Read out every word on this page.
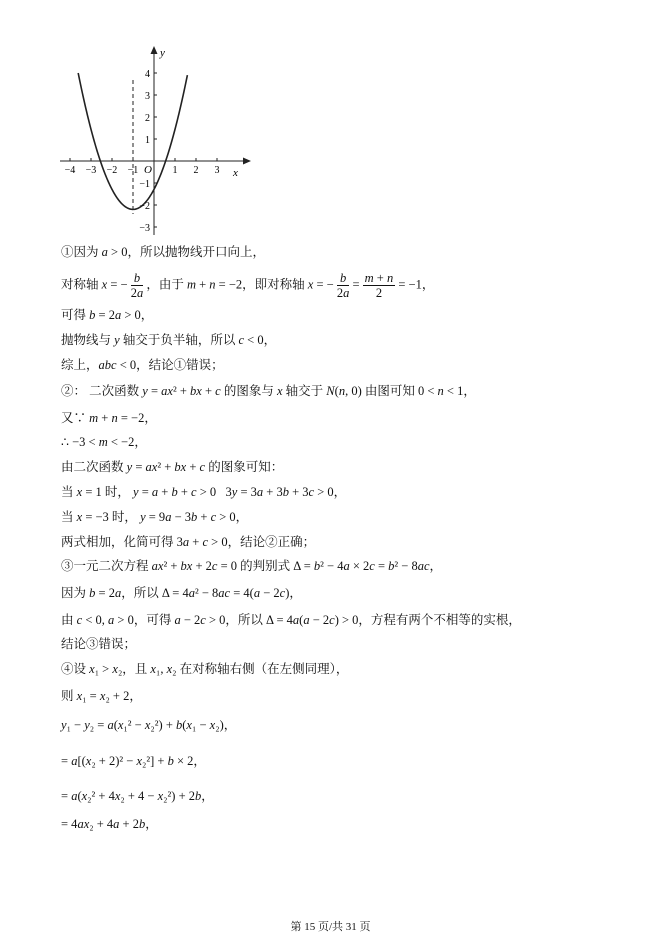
y
x
O
−4 −3 −2 −1	1 2 3
4
3
2
1
−1
−2
−3
①因为 a > 0，所以抛物线开口向上，
对称轴 x = − $\frac{b}{2a}$ ，由于 m + n = −2，即对称轴 x = − $\frac{b}{2a} = \frac{m + n}{2} = -1$，
可得 b = 2a > 0，
抛物线与 y 轴交于负半轴，所以 c < 0，
综上，abc < 0，结论①错误；
②： 二次函数 y = ax² + bx + c 的图象与 x 轴交于 N(n, 0) 由图可知 0 < n < 1，
又∵ m + n = −2，
∴ −3 < m < −2，
由二次函数 y = ax² + bx + c 的图象可知：
当 x = 1 时， y = a + b + c > 0   3y = 3a + 3b + 3c > 0，
当 x = −3 时， y = 9a − 3b + c > 0，
两式相加，化简可得 3a + c > 0，结论②正确；
③一元二次方程 ax² + bx + 2c = 0 的判别式 Δ = b² − 4a × 2c = b² − 8ac，
因为 b = 2a，所以 Δ = 4a² − 8ac = 4(a − 2c)，
由 c < 0, a > 0，可得 a − 2c > 0，所以 Δ = 4a(a − 2c) > 0，方程有两个不相等的实根，
结论③错误；
④设 x₁ > x₂，且 x₁, x₂ 在对称轴右侧（在左侧同理），
则 x₁ = x₂ + 2，
y₁ − y₂ = a(x₁² − x₂²) + b(x₁ − x₂)，
= a[(x₂ + 2)² − x₂²] + b × 2，
= a(x₂² + 4x₂ + 4 − x₂²) + 2b，
= 4ax₂ + 4a + 2b，
第 15 页/共 31 页
